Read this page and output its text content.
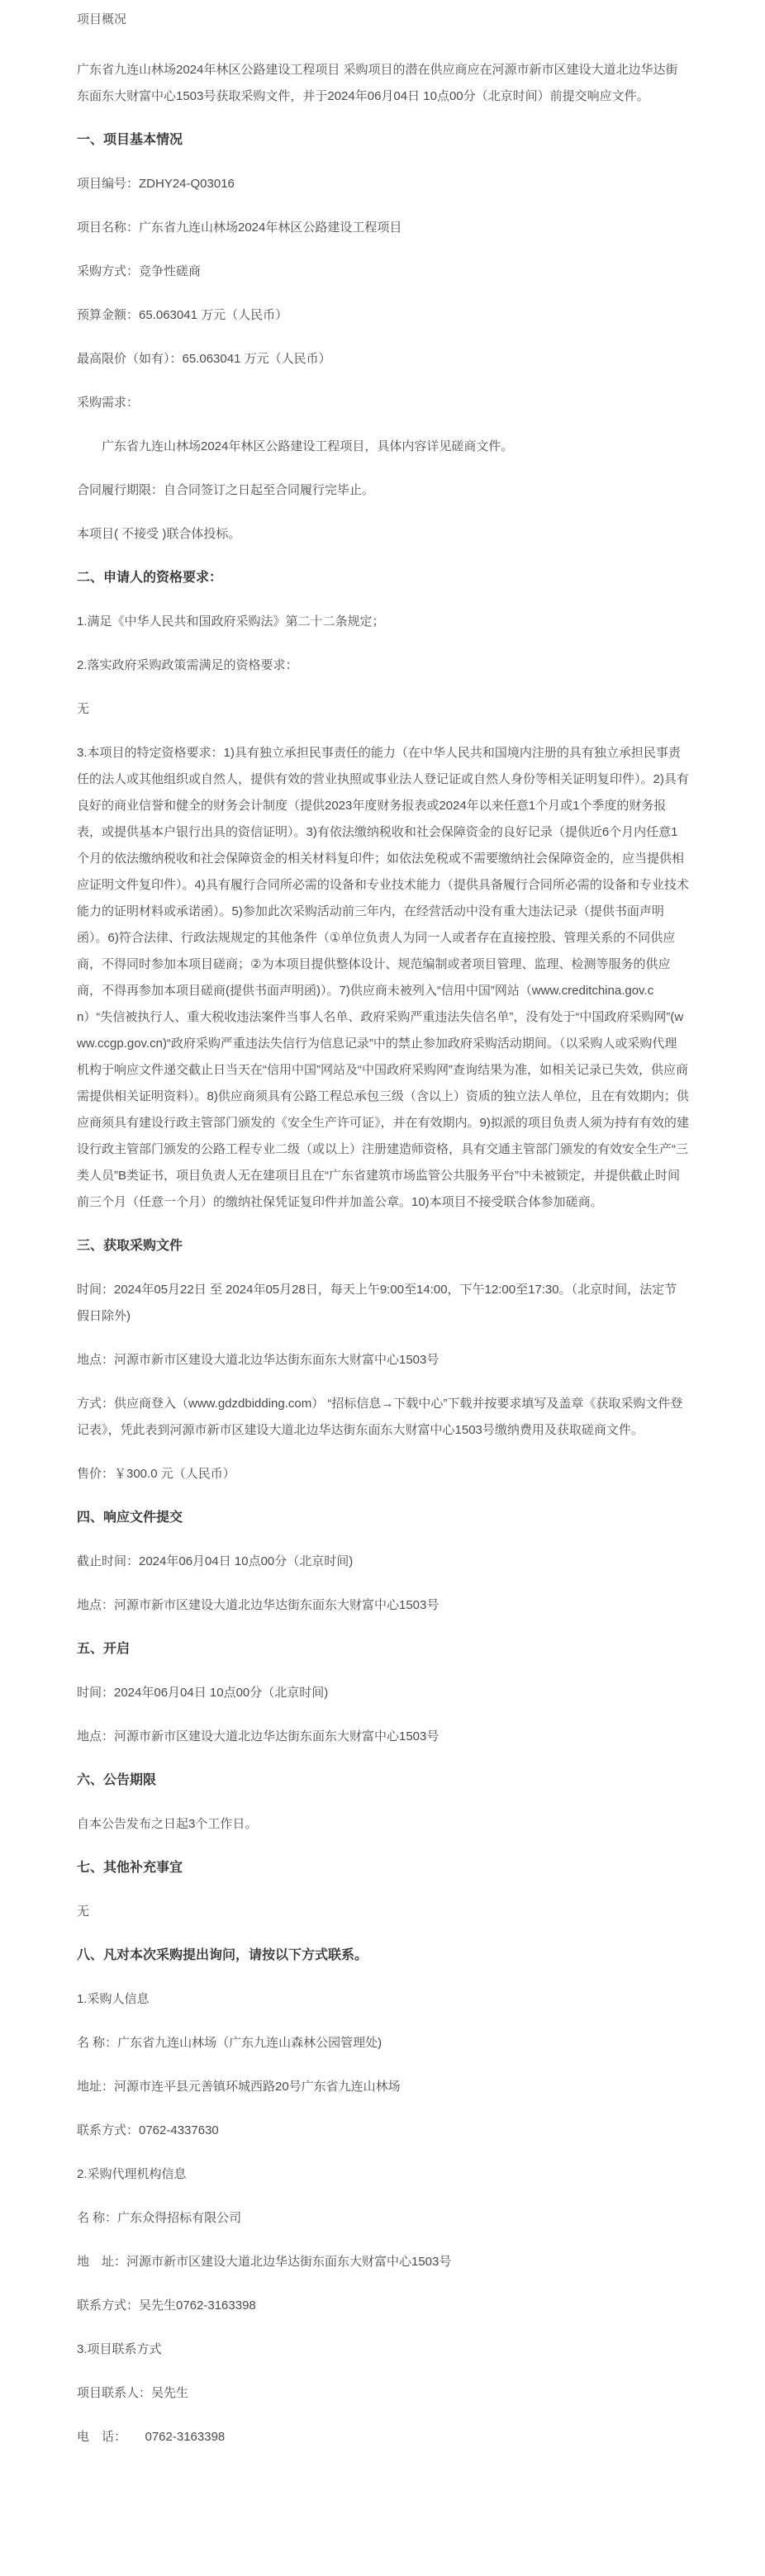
项目概况

广东省九连山林场2024年林区公路建设工程项目 采购项目的潜在供应商应在河源市新市区建设大道北边华达街东面东大财富中心1503号获取采购文件，并于2024年06月04日 10点00分（北京时间）前提交响应文件。

一、项目基本情况

项目编号：ZDHY24-Q03016

项目名称：广东省九连山林场2024年林区公路建设工程项目

采购方式：竞争性磋商

预算金额：65.063041 万元（人民币）

最高限价（如有）：65.063041 万元（人民币）

采购需求：

广东省九连山林场2024年林区公路建设工程项目，具体内容详见磋商文件。

合同履行期限：自合同签订之日起至合同履行完毕止。

本项目( 不接受 )联合体投标。

二、申请人的资格要求：

1.满足《中华人民共和国政府采购法》第二十二条规定；

2.落实政府采购政策需满足的资格要求：

无

3.本项目的特定资格要求：1)具有独立承担民事责任的能力（在中华人民共和国境内注册的具有独立承担民事责任的法人或其他组织或自然人，提供有效的营业执照或事业法人登记证或自然人身份等相关证明复印件）。2)具有良好的商业信誉和健全的财务会计制度（提供2023年度财务报表或2024年以来任意1个月或1个季度的财务报表，或提供基本户银行出具的资信证明）。3)有依法缴纳税收和社会保障资金的良好记录（提供近6个月内任意1个月的依法缴纳税收和社会保障资金的相关材料复印件；如依法免税或不需要缴纳社会保障资金的，应当提供相应证明文件复印件）。4)具有履行合同所必需的设备和专业技术能力（提供具备履行合同所必需的设备和专业技术能力的证明材料或承诺函）。5)参加此次采购活动前三年内，在经营活动中没有重大违法记录（提供书面声明函）。6)符合法律、行政法规规定的其他条件（①单位负责人为同一人或者存在直接控股、管理关系的不同供应商，不得同时参加本项目磋商；②为本项目提供整体设计、规范编制或者项目管理、监理、检测等服务的供应商，不得再参加本项目磋商(提供书面声明函)）。7)供应商未被列入“信用中国”网站（www.creditchina.gov.cn）“失信被执行人、重大税收违法案件当事人名单、政府采购严重违法失信名单”，没有处于“中国政府采购网”(www.ccgp.gov.cn)“政府采购严重违法失信行为信息记录”中的禁止参加政府采购活动期间。（以采购人或采购代理机构于响应文件递交截止日当天在“信用中国”网站及“中国政府采购网”查询结果为准，如相关记录已失效，供应商需提供相关证明资料）。8)供应商须具有公路工程总承包三级（含以上）资质的独立法人单位，且在有效期内；供应商须具有建设行政主管部门颁发的《安全生产许可证》，并在有效期内。9)拟派的项目负责人须为持有有效的建设行政主管部门颁发的公路工程专业二级（或以上）注册建造师资格，具有交通主管部门颁发的有效安全生产“三类人员”B类证书，项目负责人无在建项目且在“广东省建筑市场监管公共服务平台”中未被锁定，并提供截止时间前三个月（任意一个月）的缴纳社保凭证复印件并加盖公章。10)本项目不接受联合体参加磋商。

三、获取采购文件

时间：2024年05月22日 至 2024年05月28日，每天上午9:00至14:00，下午12:00至17:30。（北京时间，法定节假日除外)

地点：河源市新市区建设大道北边华达街东面东大财富中心1503号

方式：供应商登入（www.gdzdbidding.com） “招标信息→下载中心”下载并按要求填写及盖章《获取采购文件登记表》，凭此表到河源市新市区建设大道北边华达街东面东大财富中心1503号缴纳费用及获取磋商文件。

售价：￥300.0 元（人民币）

四、响应文件提交

截止时间：2024年06月04日 10点00分（北京时间)

地点：河源市新市区建设大道北边华达街东面东大财富中心1503号

五、开启

时间：2024年06月04日 10点00分（北京时间)

地点：河源市新市区建设大道北边华达街东面东大财富中心1503号

六、公告期限

自本公告发布之日起3个工作日。

七、其他补充事宜

无

八、凡对本次采购提出询问，请按以下方式联系。

1.采购人信息

名 称：广东省九连山林场（广东九连山森林公园管理处)

地址：河源市连平县元善镇环城西路20号广东省九连山林场

联系方式：0762-4337630

2.采购代理机构信息

名 称：广东众得招标有限公司

地　址：河源市新市区建设大道北边华达街东面东大财富中心1503号

联系方式：吴先生0762-3163398

3.项目联系方式

项目联系人：吴先生

电　话：　　0762-3163398
